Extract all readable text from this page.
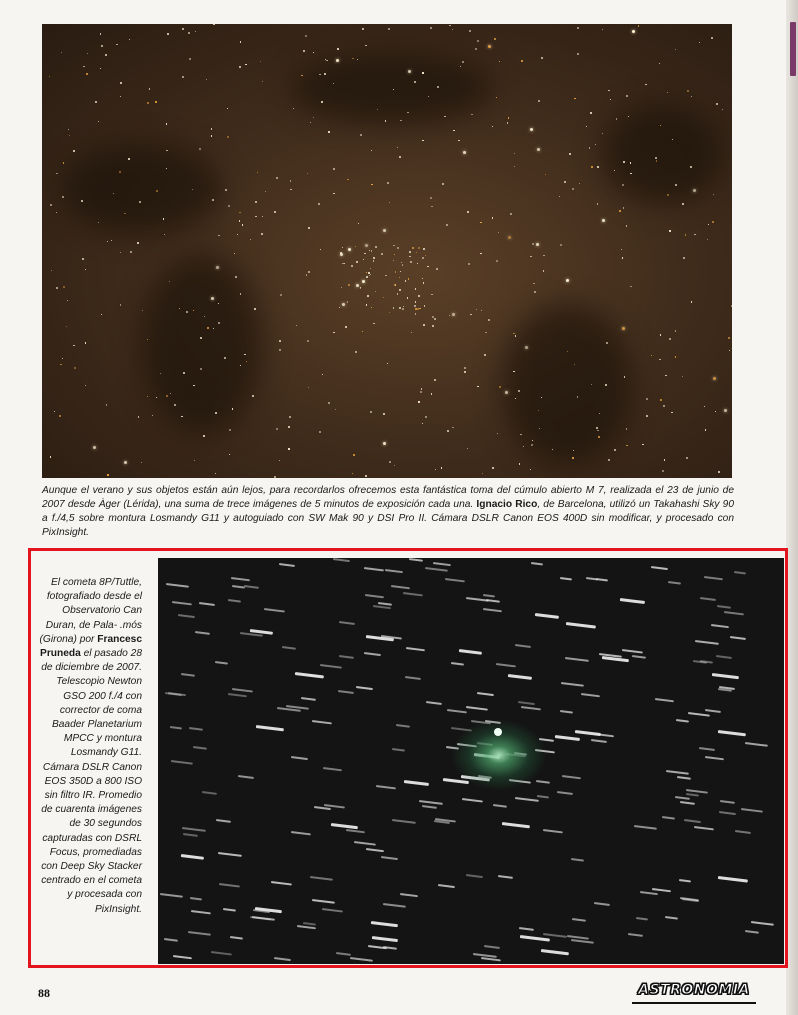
Aunque el verano y sus objetos están aún lejos, para recordarlos ofrecemos esta fantástica toma del cúmulo abierto M 7, realizada el 23 de junio de 2007 desde Àger (Lérida), una suma de trece imágenes de 5 minutos de exposición cada una. Ignacio Rico, de Barcelona, utilizó un Takahashi Sky 90 a f./4,5 sobre montura Losmandy G11 y autoguiado con SW Mak 90 y DSI Pro II. Cámara DSLR Canon EOS 400D sin modificar, y procesado con PixInsight.
El cometa 8P/Tuttle, fotografiado desde el Observatorio Can Duran, de Pala- .mós (Girona) por Francesc Pruneda el pasado 28 de diciembre de 2007. Telescopio Newton GSO 200 f./4 con corrector de coma Baader Planetarium MPCC y montura Losmandy G11. Cámara DSLR Canon EOS 350D a 800 ISO sin filtro IR. Promedio de cuarenta imágenes de 30 segundos capturadas con DSRL Focus, promediadas con Deep Sky Stacker centrado en el cometa y procesada con PixInsight.
88	ASTRONOMIA
